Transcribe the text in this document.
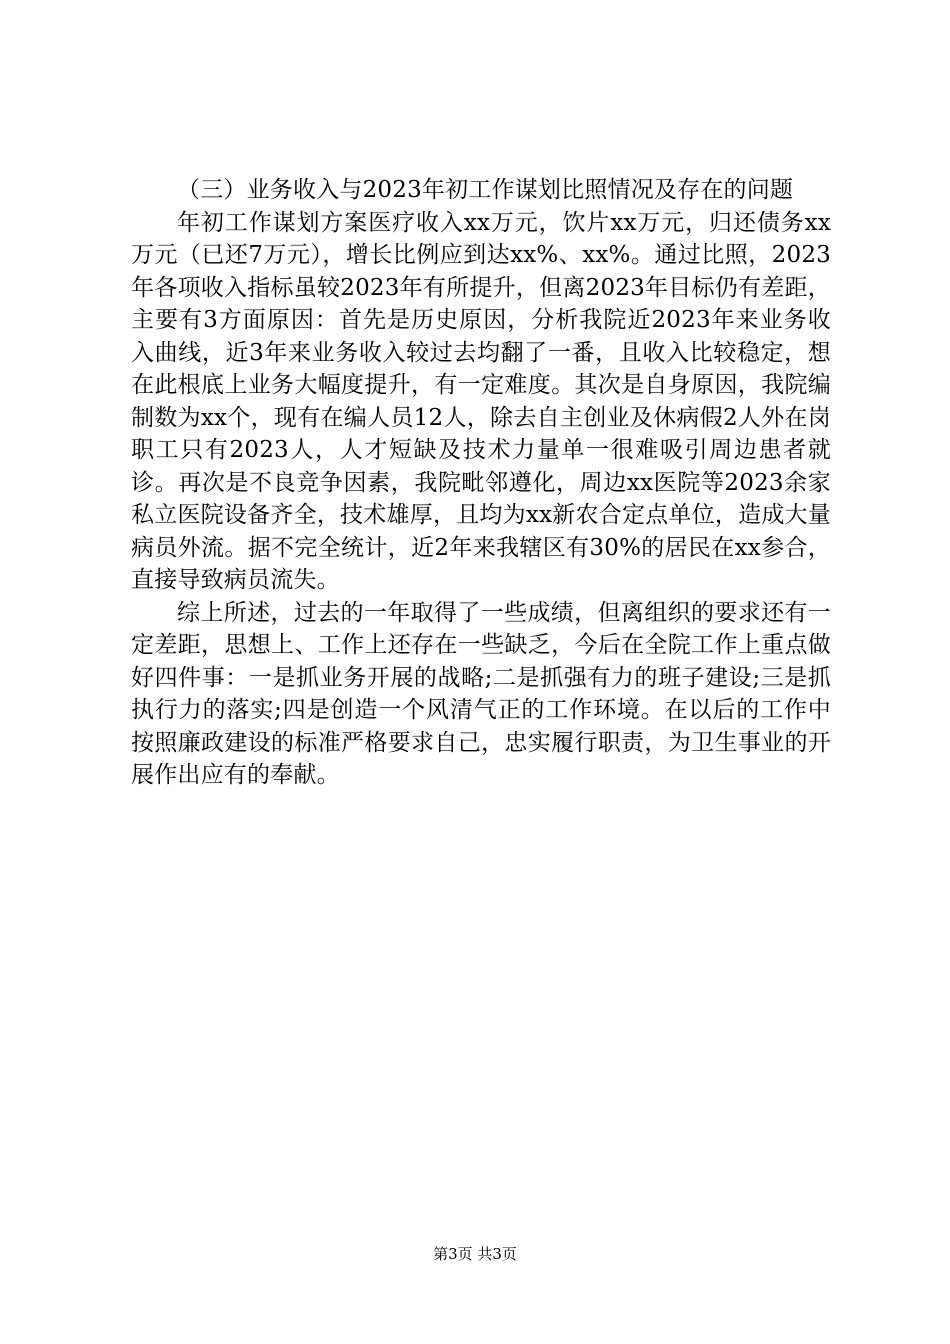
（三）业务收入与2023年初工作谋划比照情况及存在的问题

年初工作谋划方案医疗收入xx万元，饮片xx万元，归还债务xx万元（已还7万元），增长比例应到达xx%、xx%。通过比照，2023年各项收入指标虽较2023年有所提升，但离2023年目标仍有差距，主要有3方面原因：首先是历史原因，分析我院近2023年来业务收入曲线，近3年来业务收入较过去均翻了一番，且收入比较稳定，想在此根底上业务大幅度提升，有一定难度。其次是自身原因，我院编制数为xx个，现有在编人员12人，除去自主创业及休病假2人外在岗职工只有2023人，人才短缺及技术力量单一很难吸引周边患者就诊。再次是不良竞争因素，我院毗邻遵化，周边xx医院等2023余家私立医院设备齐全，技术雄厚，且均为xx新农合定点单位，造成大量病员外流。据不完全统计，近2年来我辖区有30%的居民在xx参合，直接导致病员流失。

综上所述，过去的一年取得了一些成绩，但离组织的要求还有一定差距，思想上、工作上还存在一些缺乏，今后在全院工作上重点做好四件事：一是抓业务开展的战略;二是抓强有力的班子建设;三是抓执行力的落实;四是创造一个风清气正的工作环境。在以后的工作中按照廉政建设的标准严格要求自己，忠实履行职责，为卫生事业的开展作出应有的奉献。

第3页 共3页
